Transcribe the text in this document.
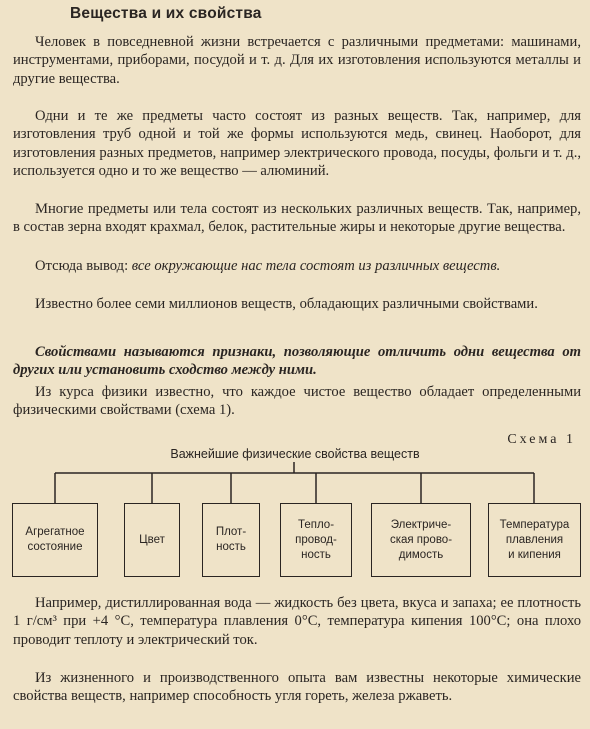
Вещества и их свойства

Человек в повседневной жизни встречается с различными предметами: машинами, инструментами, приборами, посудой и т. д. Для их изготовления используются металлы и другие вещества.

Одни и те же предметы часто состоят из разных веществ. Так, например, для изготовления труб одной и той же формы используются медь, свинец. Наоборот, для изготовления разных предметов, например электрического провода, посуды, фольги и т. д., используется одно и то же вещество — алюминий.

Многие предметы или тела состоят из нескольких различных веществ. Так, например, в состав зерна входят крахмал, белок, растительные жиры и некоторые другие вещества.

Отсюда вывод: все окружающие нас тела состоят из различных веществ.

Известно более семи миллионов веществ, обладающих различными свойствами.

Свойствами называются признаки, позволяющие отличить одни вещества от других или установить сходство между ними.

Из курса физики известно, что каждое чистое вещество обладает определенными физическими свойствами (схема 1).

Схема 1
Важнейшие физические свойства веществ
Агрегатное
состояние
Цвет
Плот-
ность
Тепло-
провод-
ность
Электриче-
ская прово-
димость
Температура
плавления
и кипения

Например, дистиллированная вода — жидкость без цвета, вкуса и запаха; ее плотность 1 г/см³ при +4 °C, температура плавления 0°C, температура кипения 100°C; она плохо проводит теплоту и электрический ток.

Из жизненного и производственного опыта вам известны некоторые химические свойства веществ, например способность угля гореть, железа ржаветь.
